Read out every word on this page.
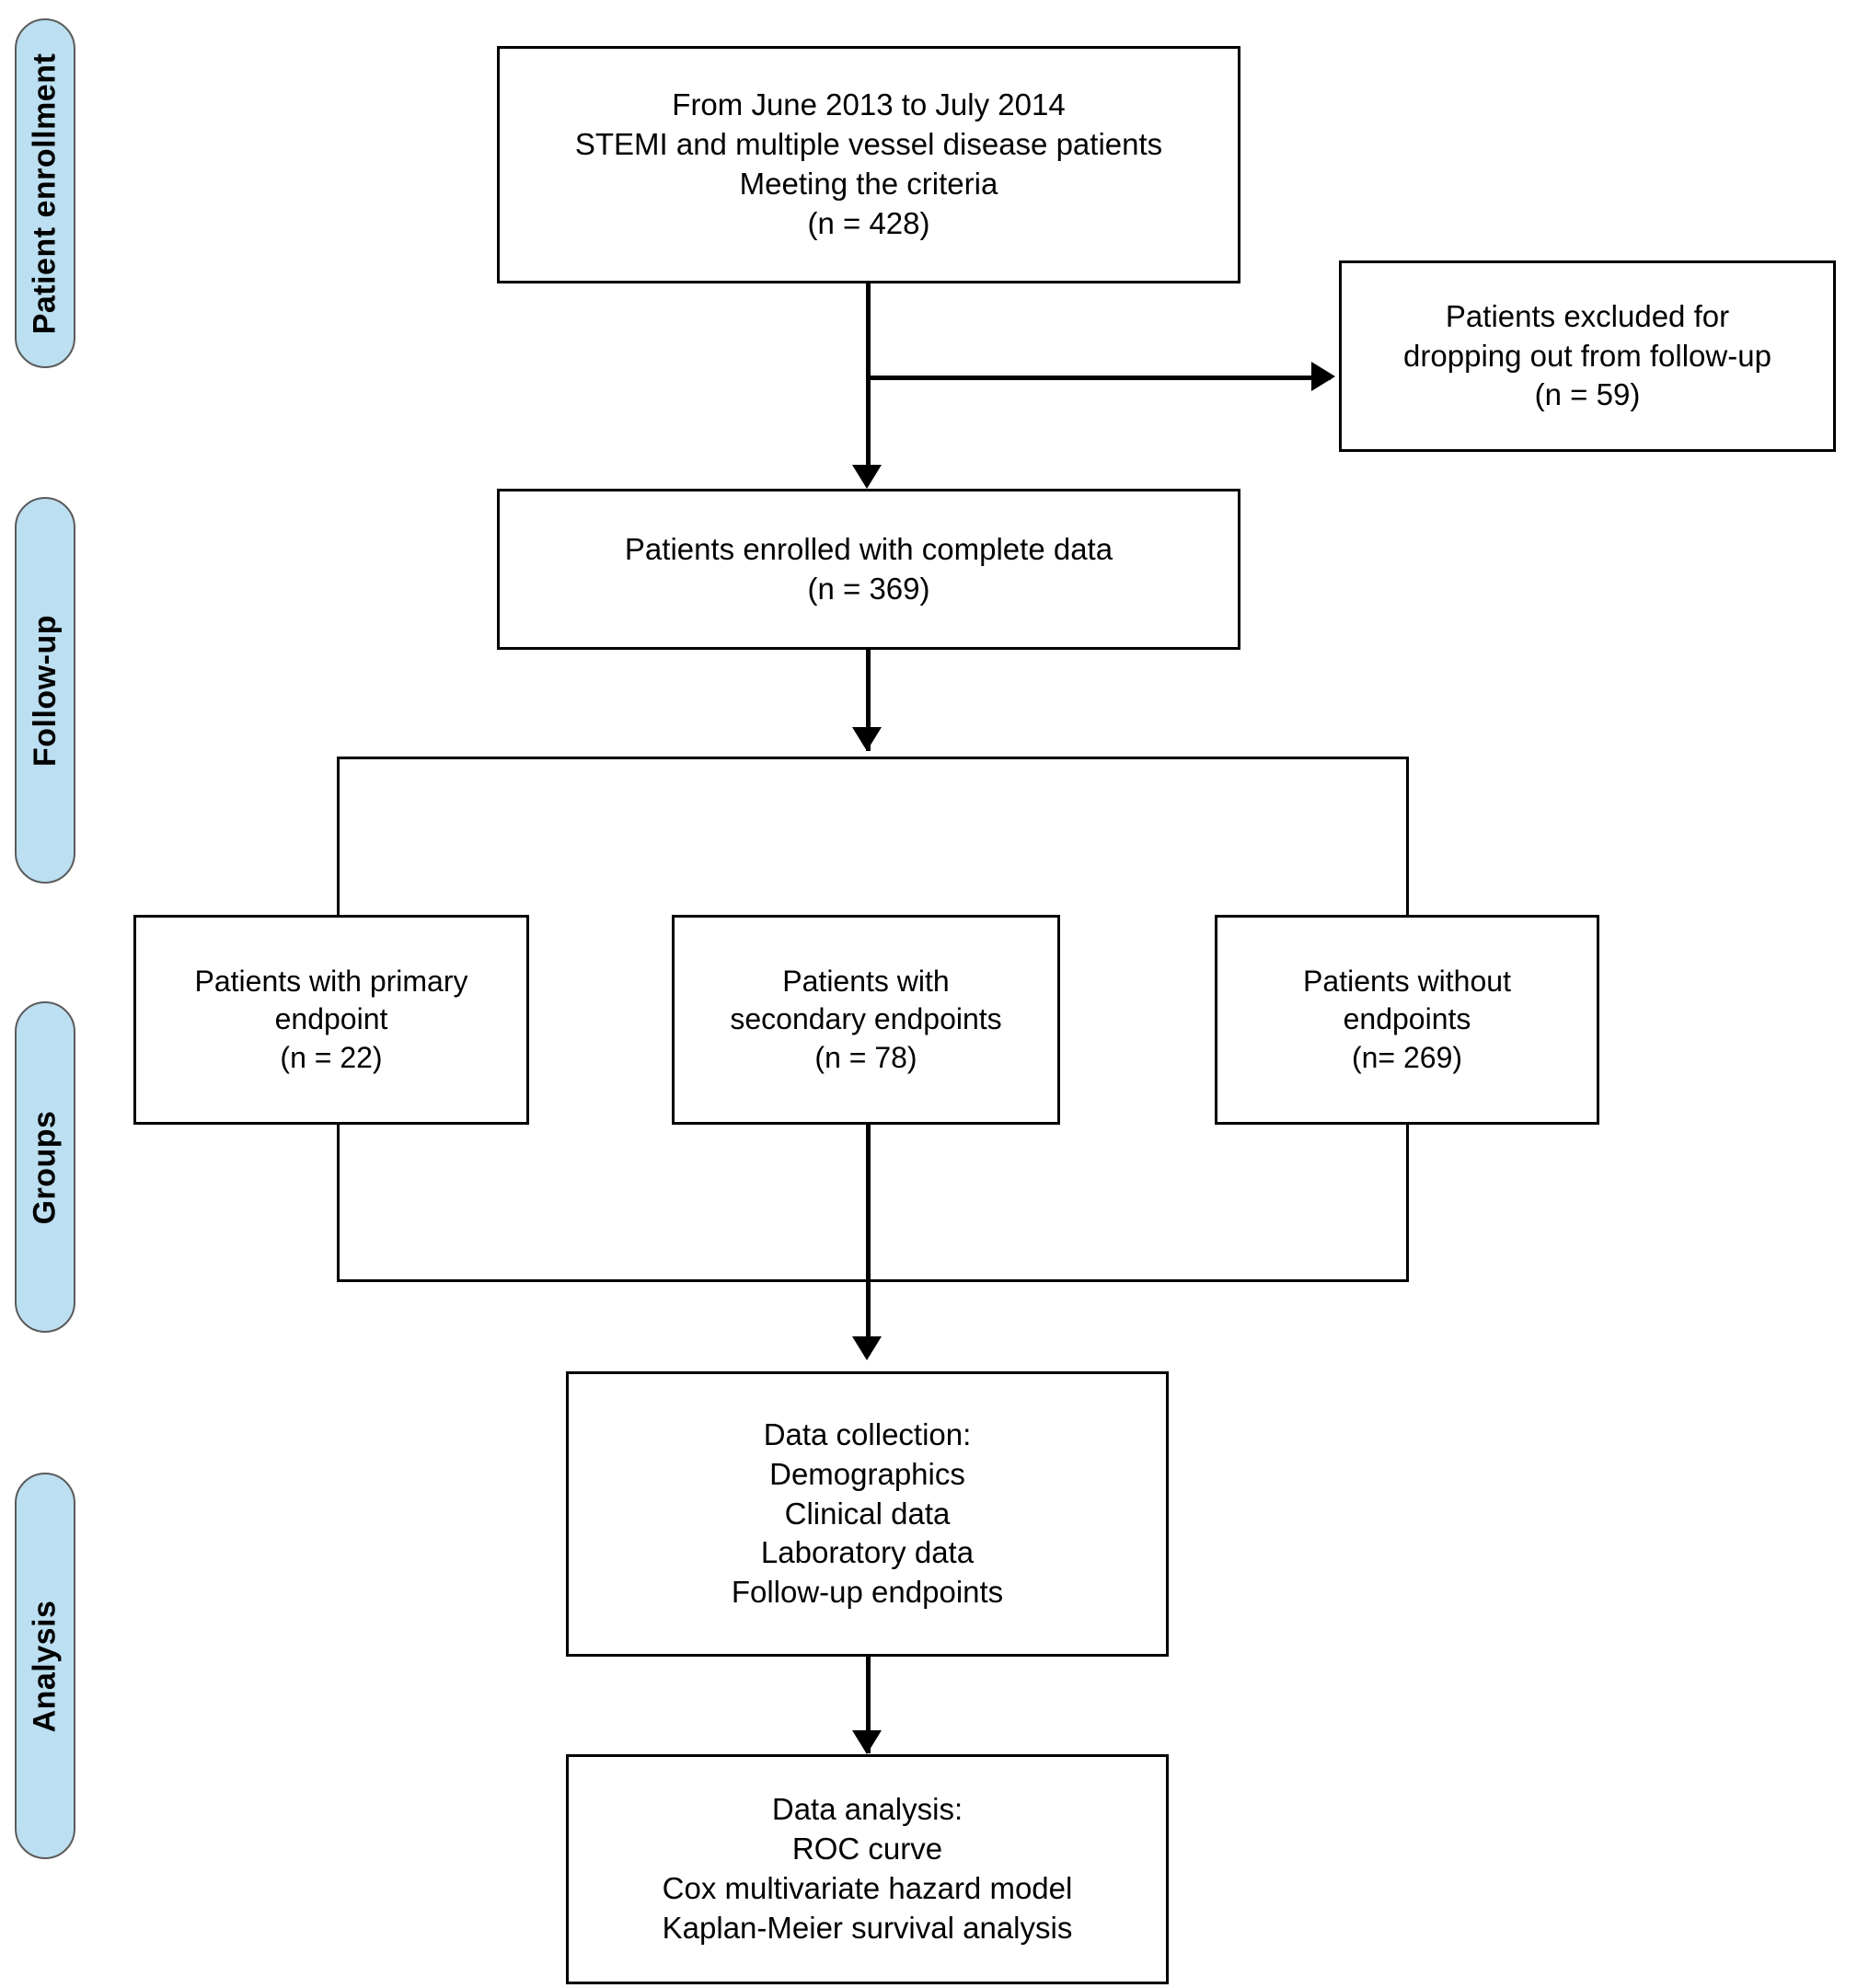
Patient enrollment
Follow-up
Groups
Analysis
From June 2013 to July 2014
STEMI and multiple vessel disease patients
Meeting the criteria
(n = 428)
Patients excluded for
dropping out from follow-up
(n = 59)
Patients enrolled with complete data
(n = 369)
Patients with primary
endpoint
(n = 22)
Patients with
secondary endpoints
(n = 78)
Patients without
endpoints
(n= 269)
Data collection:
Demographics
Clinical data
Laboratory data
Follow-up endpoints
Data analysis:
ROC curve
Cox multivariate hazard model
Kaplan-Meier survival analysis
